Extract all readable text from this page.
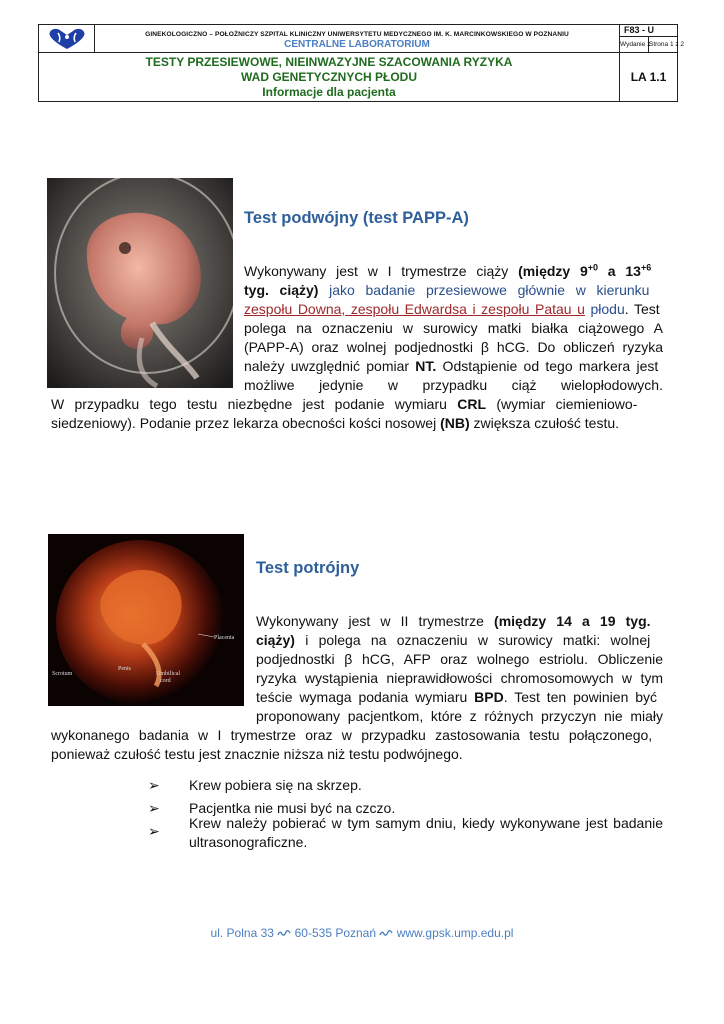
GINEKOLOGICZNO – POŁOŻNICZY SZPITAL KLINICZNY UNIWERSYTETU MEDYCZNEGO IM. K. MARCINKOWSKIEGO W POZNANIU
CENTRALNE LABORATORIUM
F83 - U
Wydanie 1Strona 1 z 2
TESTY PRZESIEWOWE, NIEINWAZYJNE SZACOWANIA RYZYKA
WAD GENETYCZNYCH PŁODU
Informacje dla pacjenta
LA 1.1
Test podwójny (test PAPP-A)
Wykonywany jest w I trymestrze ciąży (między $9^{+0}$ a $13^{+6}$
tyg. ciąży) jako badanie przesiewowe głównie w kierunku
zespołu Downa, zespołu Edwardsa i zespołu Patau u płodu. Test
polega na oznaczeniu w surowicy matki białka ciążowego A
(PAPP-A) oraz wolnej podjednostki β hCG. Do obliczeń ryzyka
należy uwzględnić pomiar NT. Odstąpienie od tego markera jest
możliwe jedynie w przypadku ciąż wielopłodowych.
W przypadku tego testu niezbędne jest podanie wymiaru CRL (wymiar ciemieniowo-
siedzeniowy). Podanie przez lekarza obecności kości nosowej (NB) zwiększa czułość testu.
Placenta
Scrotum
Penis
Umbilical
cord
Test potrójny
Wykonywany jest w II trymestrze (między 14 a 19 tyg.
ciąży) i polega na oznaczeniu w surowicy matki: wolnej
podjednostki β hCG, AFP oraz wolnego estriolu. Obliczenie
ryzyka wystąpienia nieprawidłowości chromosomowych w tym
teście wymaga podania wymiaru BPD. Test ten powinien być
proponowany pacjentkom, które z różnych przyczyn nie miały
wykonanego badania w I trymestrze oraz w przypadku zastosowania testu połączonego,
ponieważ czułość testu jest znacznie niższa niż testu podwójnego.
➢ Krew pobiera się na skrzep.
➢ Pacjentka nie musi być na czczo.
➢ Krew należy pobierać w tym samym dniu, kiedy wykonywane jest badanie ultrasonograficzne.
ul. Polna 33 60-535 Poznań www.gpsk.ump.edu.pl
